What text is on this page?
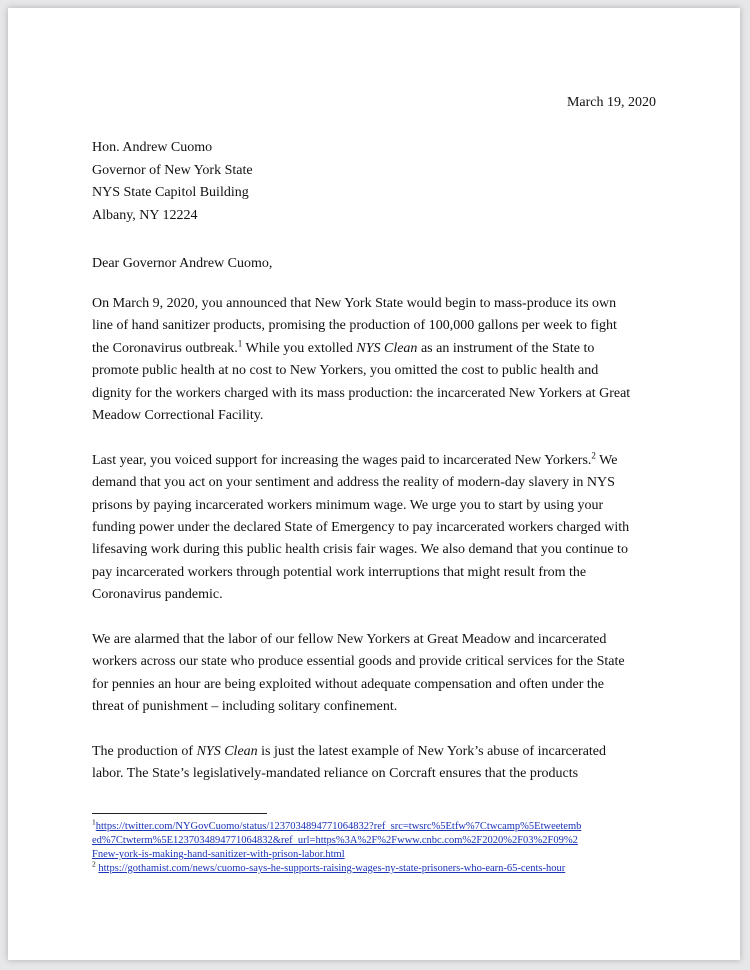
March 19, 2020
Hon. Andrew Cuomo
Governor of New York State
NYS State Capitol Building
Albany, NY 12224
Dear Governor Andrew Cuomo,

On March 9, 2020, you announced that New York State would begin to mass-produce its own
line of hand sanitizer products, promising the production of 100,000 gallons per week to fight
the Coronavirus outbreak.$^1$ While you extolled NYS Clean as an instrument of the State to
promote public health at no cost to New Yorkers, you omitted the cost to public health and
dignity for the workers charged with its mass production: the incarcerated New Yorkers at Great
Meadow Correctional Facility.

Last year, you voiced support for increasing the wages paid to incarcerated New Yorkers.$^2$ We
demand that you act on your sentiment and address the reality of modern-day slavery in NYS
prisons by paying incarcerated workers minimum wage. We urge you to start by using your
funding power under the declared State of Emergency to pay incarcerated workers charged with
lifesaving work during this public health crisis fair wages. We also demand that you continue to
pay incarcerated workers through potential work interruptions that might result from the
Coronavirus pandemic.

We are alarmed that the labor of our fellow New Yorkers at Great Meadow and incarcerated
workers across our state who produce essential goods and provide critical services for the State
for pennies an hour are being exploited without adequate compensation and often under the
threat of punishment – including solitary confinement.

The production of NYS Clean is just the latest example of New York’s abuse of incarcerated
labor. The State’s legislatively-mandated reliance on Corcraft ensures that the products

$^1$https://twitter.com/NYGovCuomo/status/1237034894771064832?ref_src=twsrc%5Etfw%7Ctwcamp%5Etweetemb
ed%7Ctwterm%5E1237034894771064832&ref_url=https%3A%2F%2Fwww.cnbc.com%2F2020%2F03%2F09%2
Fnew-york-is-making-hand-sanitizer-with-prison-labor.html
$^2$ https://gothamist.com/news/cuomo-says-he-supports-raising-wages-ny-state-prisoners-who-earn-65-cents-hour
